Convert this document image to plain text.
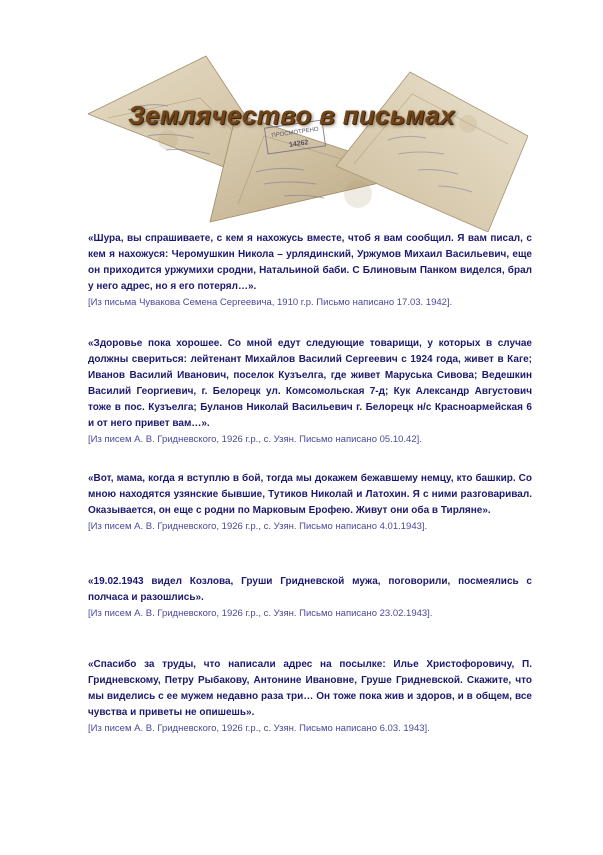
ПРОСМОТРЕНО
14262
Землячество в письмах

«Шура, вы спрашиваете, с кем я нахожусь вместе, чтоб я вам сообщил. Я вам писал, с кем я нахожуся: Черомушкин Никола – урлядинский, Уржумов Михаил Васильевич, еще он приходится уржумихи сродни, Натальиной баби. С Блиновым Панком виделся, брал у него адрес, но я его потерял…».

[Из письма Чувакова Семена Сергеевича, 1910 г.р. Письмо написано 17.03. 1942].

«Здоровье пока хорошее. Со мной едут следующие товарищи, у которых в случае должны свериться: лейтенант Михайлов Василий Сергеевич с 1924 года, живет в Каге; Иванов Василий Иванович, поселок Кузъелга, где живет Маруська Сивова; Ведешкин Василий Георгиевич, г. Белорецк ул. Комсомольская 7-д; Кук Александр Августович тоже в пос. Кузъелга; Буланов Николай Васильевич г. Белорецк н/с Красноармейская 6 и от него привет вам…».

[Из писем А. В. Гридневского, 1926 г.р., с. Узян. Письмо написано 05.10.42].

«Вот, мама, когда я вступлю в бой, тогда мы докажем бежавшему немцу, кто башкир. Со мною находятся узянские бывшие, Тутиков Николай и Латохин. Я с ними разговаривал. Оказывается, он еще с родни по Марковым Ерофею. Живут они оба в Тирляне».

[Из писем А. В. Гридневского, 1926 г.р., с. Узян. Письмо написано 4.01.1943].

«19.02.1943 видел Козлова, Груши Гридневской мужа, поговорили, посмеялись с полчаса и разошлись».

[Из писем А. В. Гридневского, 1926 г.р., с. Узян. Письмо написано 23.02.1943].

«Спасибо за труды, что написали адрес на посылке: Илье Христофоровичу, П. Гридневскому, Петру Рыбакову, Антонине Ивановне, Груше Гридневской. Скажите, что мы виделись с ее мужем недавно раза три… Он тоже пока жив и здоров, и в общем, все чувства и приветы не опишешь».

[Из писем А. В. Гридневского, 1926 г.р., с. Узян. Письмо написано 6.03. 1943].
